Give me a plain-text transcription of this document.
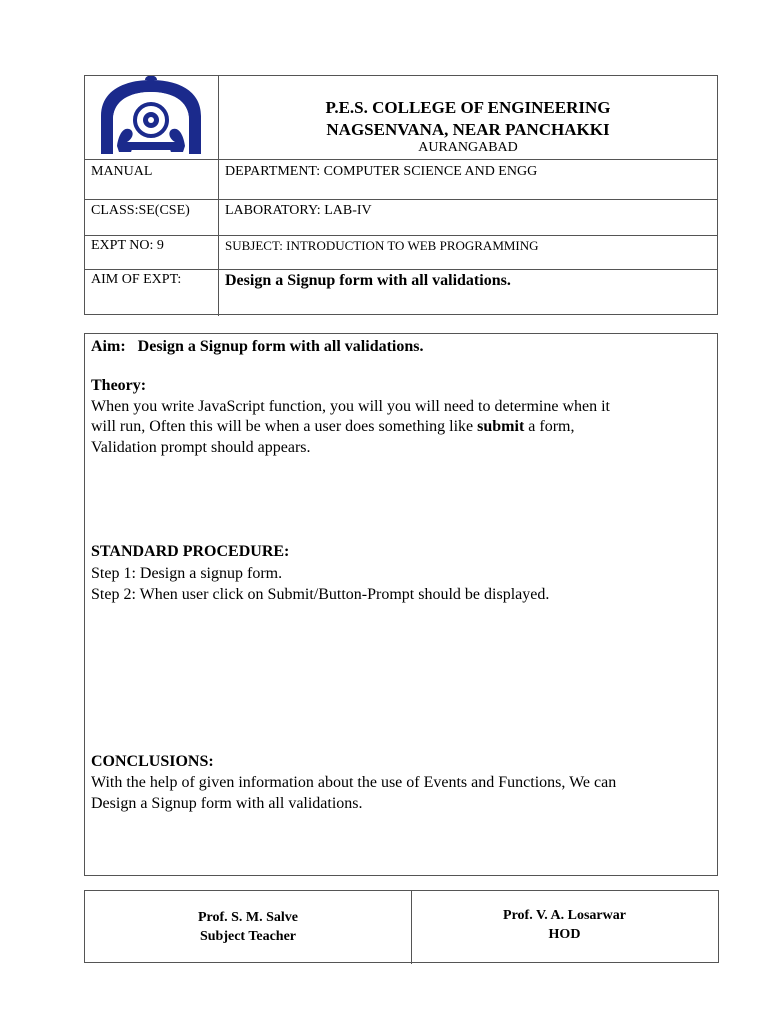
P.E.S. COLLEGE OF ENGINEERING
NAGSENVANA, NEAR PANCHAKKI
AURANGABAD
MANUAL	DEPARTMENT: COMPUTER SCIENCE AND ENGG
CLASS:SE(CSE)	LABORATORY: LAB-IV
EXPT NO: 9	SUBJECT: INTRODUCTION TO WEB PROGRAMMING
AIM OF EXPT:	Design a Signup form with all validations.
Aim: Design a Signup form with all validations.
Theory:
When you write JavaScript function, you will you will need to determine when it
will run, Often this will be when a user does something like submit a form,
Validation prompt should appears.
STANDARD PROCEDURE:
Step 1: Design a signup form.
Step 2: When user click on Submit/Button-Prompt should be displayed.
CONCLUSIONS:
With the help of given information about the use of Events and Functions, We can
Design a Signup form with all validations.
Prof. S. M. Salve
Subject Teacher
Prof. V. A. Losarwar
HOD
